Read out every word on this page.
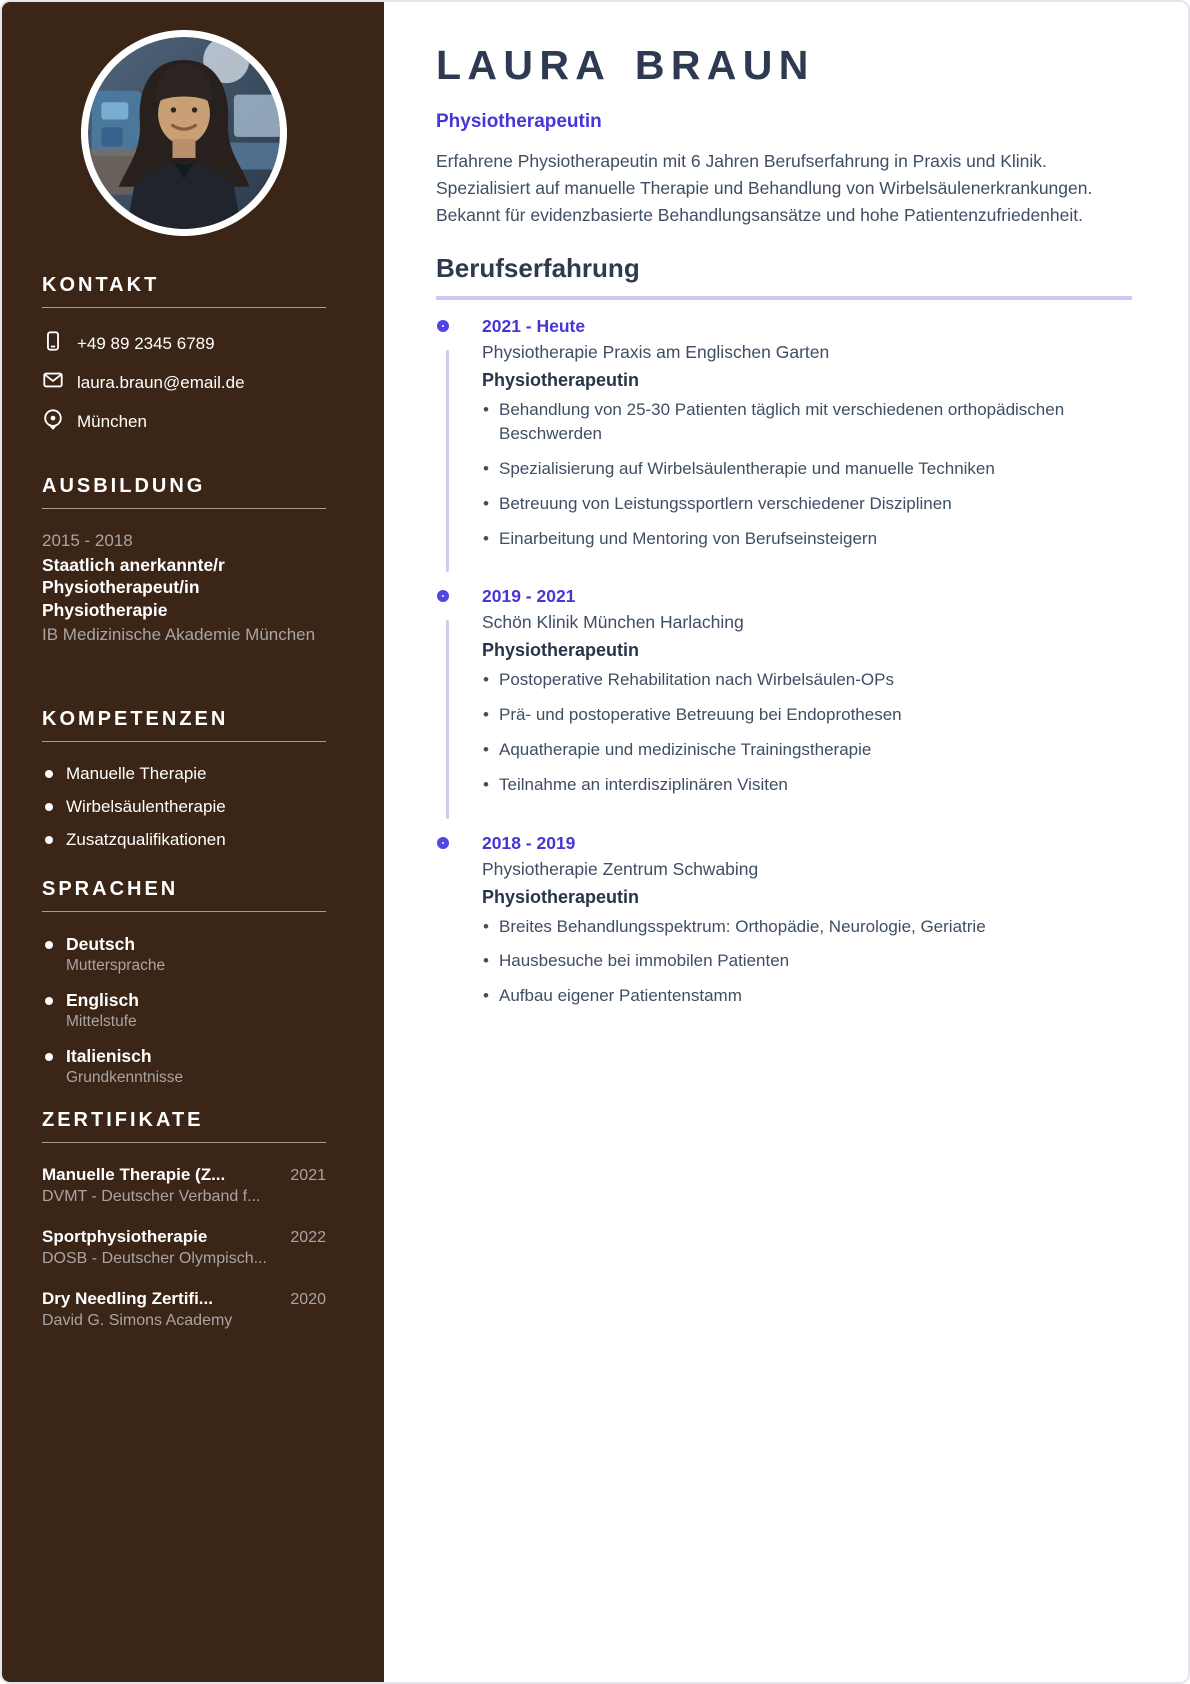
KONTAKT
+49 89 2345 6789
laura.braun@email.de
München
AUSBILDUNG
2015 - 2018
Staatlich anerkannte/r Physiotherapeut/in Physiotherapie
IB Medizinische Akademie München
KOMPETENZEN
Manuelle Therapie
Wirbelsäulentherapie
Zusatzqualifikationen
SPRACHEN
Deutsch
Muttersprache
Englisch
Mittelstufe
Italienisch
Grundkenntnisse
ZERTIFIKATE
Manuelle Therapie (Z...	2021
DVMT - Deutscher Verband f...
Sportphysiotherapie	2022
DOSB - Deutscher Olympisch...
Dry Needling Zertifi...	2020
David G. Simons Academy
LAURA BRAUN
Physiotherapeutin

Erfahrene Physiotherapeutin mit 6 Jahren Berufserfahrung in Praxis und Klinik. Spezialisiert auf manuelle Therapie und Behandlung von Wirbelsäulenerkrankungen. Bekannt für evidenzbasierte Behandlungsansätze und hohe Patientenzufriedenheit.

Berufserfahrung
2021 - Heute
Physiotherapie Praxis am Englischen Garten
Physiotherapeutin
• Behandlung von 25-30 Patienten täglich mit verschiedenen orthopädischen Beschwerden
• Spezialisierung auf Wirbelsäulentherapie und manuelle Techniken
• Betreuung von Leistungssportlern verschiedener Disziplinen
• Einarbeitung und Mentoring von Berufseinsteigern
2019 - 2021
Schön Klinik München Harlaching
Physiotherapeutin
• Postoperative Rehabilitation nach Wirbelsäulen-OPs
• Prä- und postoperative Betreuung bei Endoprothesen
• Aquatherapie und medizinische Trainingstherapie
• Teilnahme an interdisziplinären Visiten
2018 - 2019
Physiotherapie Zentrum Schwabing
Physiotherapeutin
• Breites Behandlungsspektrum: Orthopädie, Neurologie, Geriatrie
• Hausbesuche bei immobilen Patienten
• Aufbau eigener Patientenstamm
